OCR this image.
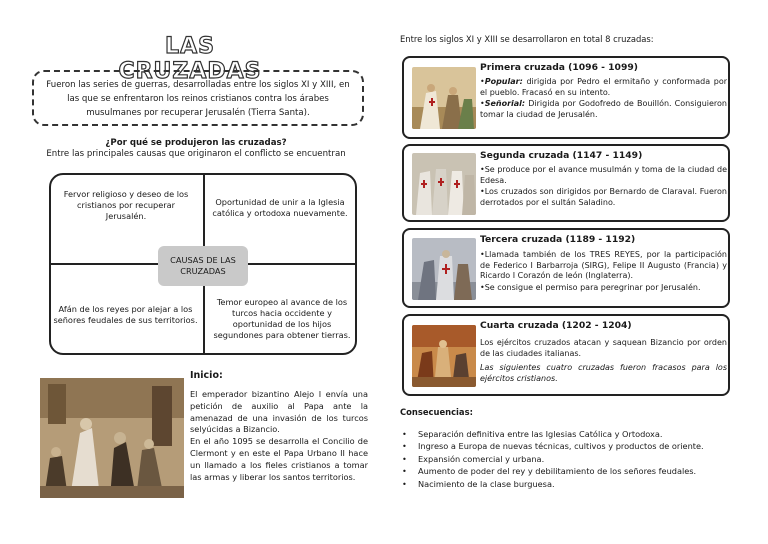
LAS CRUZADAS
Fueron las series de guerras, desarrolladas entre los siglos XI y XIII, en las que se enfrentaron los reinos cristianos contra los árabes musulmanes por recuperar Jerusalén (Tierra Santa).
¿Por qué se produjeron las cruzadas?
Entre las principales causas que originaron el conflicto se encuentran
Fervor religioso y deseo de los cristianos por recuperar Jerusalén.
Oportunidad de unir a la Iglesia católica y ortodoxa nuevamente.
Afán de los reyes por alejar a los señores feudales de sus territorios.
Temor europeo al avance de los turcos hacia occidente y oportunidad de los hijos segundones para obtener tierras.
CAUSAS DE LAS CRUZADAS
Inicio:
El emperador bizantino Alejo I envía una petición de auxilio al Papa ante la amenazad de una invasión de los turcos selyúcidas a Bizancio.
En el año 1095 se desarrolla el Concilio de Clermont y en este el Papa Urbano II hace un llamado a los fieles cristianos a tomar las armas y liberar los santos territorios.
Entre los siglos XI y XIII se desarrollaron en total 8 cruzadas:
Primera cruzada (1096 - 1099)

•Popular: dirigida por Pedro el ermitaño y conformada por el pueblo. Fracasó en su intento.

•Señorial: Dirigida por Godofredo de Bouillón. Consiguieron tomar la ciudad de Jerusalén.

Segunda cruzada (1147 - 1149)

•Se produce por el avance musulmán y toma de la ciudad de Edesa.

•Los cruzados son dirigidos por Bernardo de Claraval. Fueron derrotados por el sultán Saladino.

Tercera cruzada (1189 - 1192)

•Llamada también de los TRES REYES, por la participación de Federico I Barbarroja (SIRG), Felipe II Augusto (Francia) y Ricardo I Corazón de león (Inglaterra).

•Se consigue el permiso para peregrinar por Jerusalén.

Cuarta cruzada (1202 - 1204)

Los ejércitos cruzados atacan y saquean Bizancio por orden de las ciudades italianas.

Las siguientes cuatro cruzadas fueron fracasos para los ejércitos cristianos.

Consecuencias:
• Separación definitiva entre las Iglesias Católica y Ortodoxa.
• Ingreso a Europa de nuevas técnicas, cultivos y productos de oriente.
• Expansión comercial y urbana.
• Aumento de poder del rey y debilitamiento de los señores feudales.
• Nacimiento de la clase burguesa.
